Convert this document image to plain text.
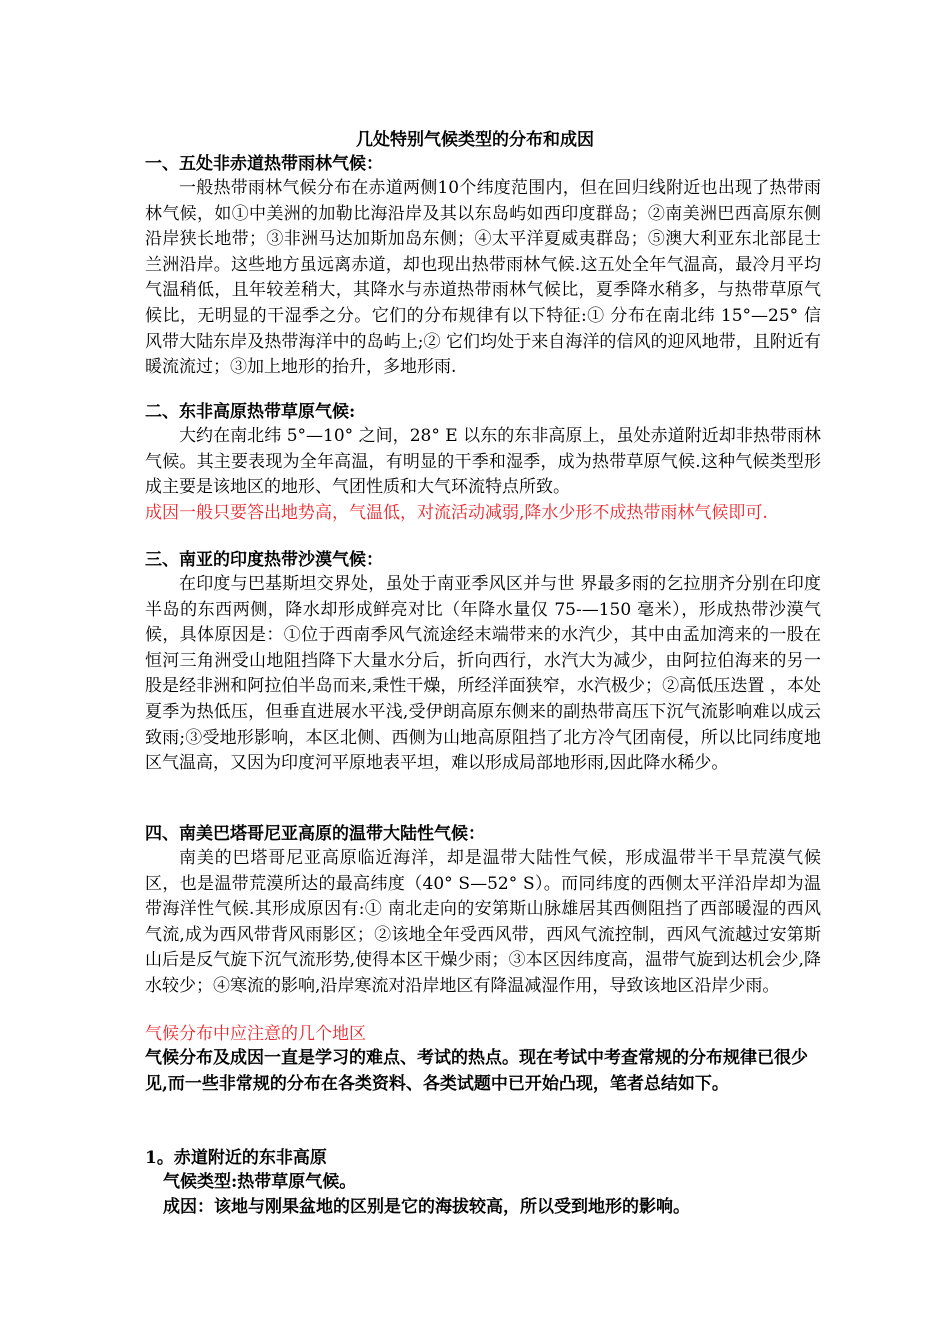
几处特别气候类型的分布和成因
一、五处非赤道热带雨林气候：
一般热带雨林气候分布在赤道两侧10个纬度范围内，但在回归线附近也出现了热带雨林气候，如①中美洲的加勒比海沿岸及其以东岛屿如西印度群岛；②南美洲巴西高原东侧 沿岸狭长地带；③非洲马达加斯加岛东侧；④太平洋夏威夷群岛；⑤澳大利亚东北部昆士兰洲沿岸。这些地方虽远离赤道，却也现出热带雨林气候.这五处全年气温高，最冷月平均气温稍低，且年较差稍大，其降水与赤道热带雨林气候比，夏季降水稍多，与热带草原气候比，无明显的干湿季之分。它们的分布规律有以下特征:① 分布在南北纬 15°—25° 信风带大陆东岸及热带海洋中的岛屿上;② 它们均处于来自海洋的信风的迎风地带，且附近有暖流流过；③加上地形的抬升，多地形雨.
二、东非高原热带草原气候:
大约在南北纬 5°—10° 之间，28° E 以东的东非高原上，虽处赤道附近却非热带雨林气候。其主要表现为全年高温，有明显的干季和湿季，成为热带草原气候.这种气候类型形成主要是该地区的地形、气团性质和大气环流特点所致。
成因一般只要答出地势高，气温低，对流活动减弱,降水少形不成热带雨林气候即可.
三、南亚的印度热带沙漠气候：
在印度与巴基斯坦交界处，虽处于南亚季风区并与世 界最多雨的乞拉朋齐分别在印度半岛的东西两侧，降水却形成鲜亮对比（年降水量仅 75-—150 毫米），形成热带沙漠气候，具体原因是：①位于西南季风气流途经末端带来的水汽少，其中由孟加湾来的一股在恒河三角洲受山地阻挡降下大量水分后，折向西行，水汽大为减少，由阿拉伯海来的另一股是经非洲和阿拉伯半岛而来,秉性干燥，所经洋面狭窄，水汽极少；②高低压迭置 ，本处夏季为热低压，但垂直进展水平浅,受伊朗高原东侧来的副热带高压下沉气流影响难以成云致雨;③受地形影响，本区北侧、西侧为山地高原阻挡了北方冷气团南侵，所以比同纬度地区气温高，又因为印度河平原地表平坦，难以形成局部地形雨,因此降水稀少。
四、南美巴塔哥尼亚高原的温带大陆性气候：
南美的巴塔哥尼亚高原临近海洋，却是温带大陆性气候，形成温带半干旱荒漠气候区，也是温带荒漠所达的最高纬度（40° S—52° S）。而同纬度的西侧太平洋沿岸却为温带海洋性气候.其形成原因有:① 南北走向的安第斯山脉雄居其西侧阻挡了西部暖湿的西风气流,成为西风带背风雨影区；②该地全年受西风带，西风气流控制，西风气流越过安第斯山后是反气旋下沉气流形势,使得本区干燥少雨；③本区因纬度高，温带气旋到达机会少,降水较少；④寒流的影响,沿岸寒流对沿岸地区有降温减湿作用，导致该地区沿岸少雨。
气候分布中应注意的几个地区
气候分布及成因一直是学习的难点、考试的热点。现在考试中考查常规的分布规律已很少见,而一些非常规的分布在各类资料、各类试题中已开始凸现，笔者总结如下。
1。赤道附近的东非高原
气候类型:热带草原气候。
成因：该地与刚果盆地的区别是它的海拔较高，所以受到地形的影响。
